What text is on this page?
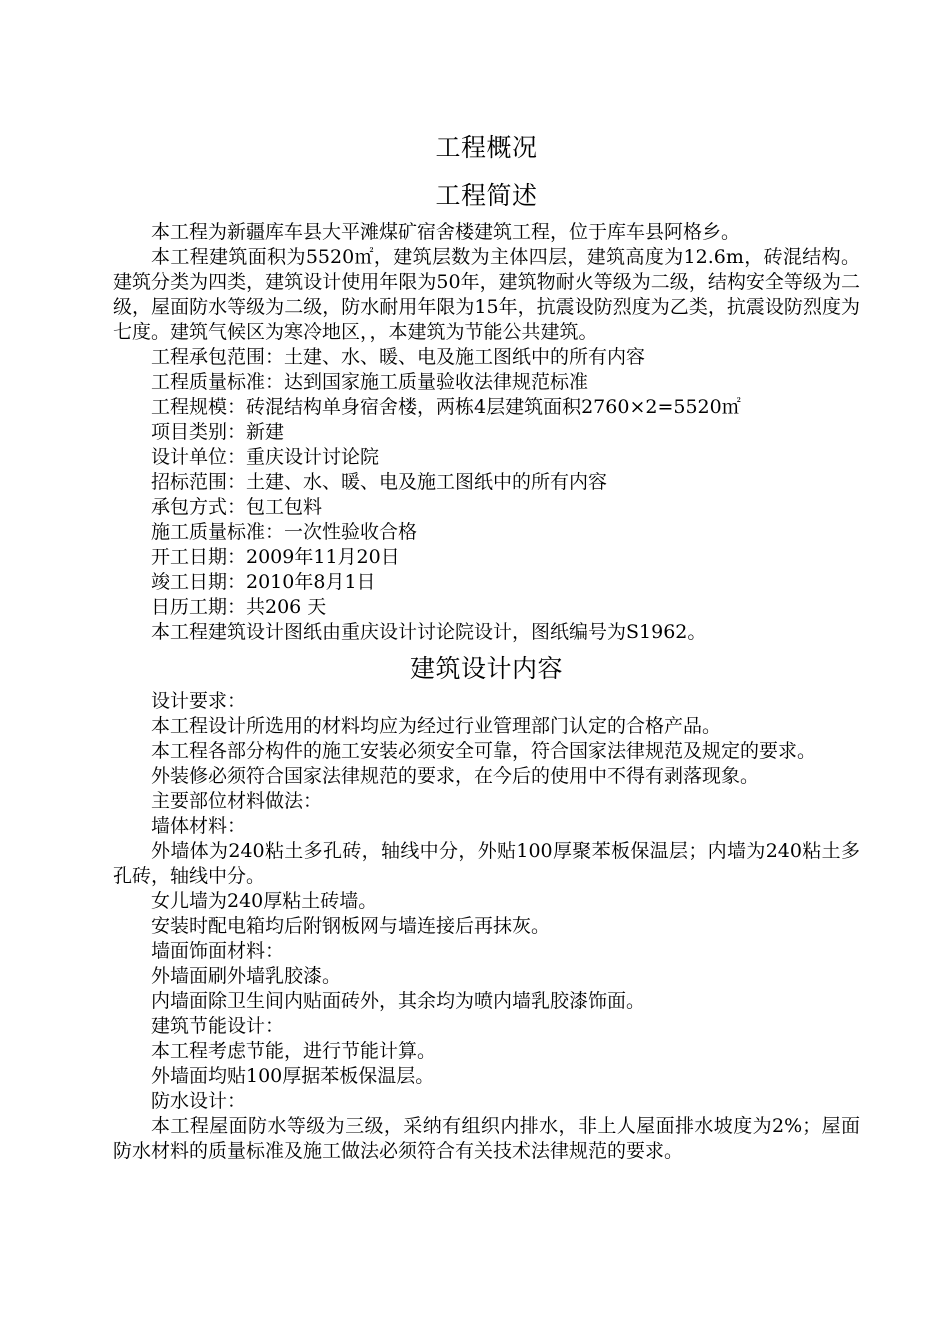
工程概况
工程简述

本工程为新疆库车县大平滩煤矿宿舍楼建筑工程，位于库车县阿格乡。

本工程建筑面积为5520㎡，建筑层数为主体四层，建筑高度为12.6m，砖混结构。建筑分类为四类，建筑设计使用年限为50年，建筑物耐火等级为二级，结构安全等级为二级，屋面防水等级为二级，防水耐用年限为15年，抗震设防烈度为乙类，抗震设防烈度为七度。建筑气候区为寒冷地区，，本建筑为节能公共建筑。

工程承包范围：土建、水、暖、电及施工图纸中的所有内容

工程质量标准：达到国家施工质量验收法律规范标准

工程规模：砖混结构单身宿舍楼，两栋4层建筑面积2760×2=5520㎡

项目类别：新建

设计单位：重庆设计讨论院

招标范围：土建、水、暖、电及施工图纸中的所有内容

承包方式：包工包料

施工质量标准：一次性验收合格

开工日期：2009年11月20日

竣工日期：2010年8月1日

日历工期：共206 天

本工程建筑设计图纸由重庆设计讨论院设计，图纸编号为S1962。

建筑设计内容

设计要求：

本工程设计所选用的材料均应为经过行业管理部门认定的合格产品。

本工程各部分构件的施工安装必须安全可靠，符合国家法律规范及规定的要求。

外装修必须符合国家法律规范的要求，在今后的使用中不得有剥落现象。

主要部位材料做法：

墙体材料：

外墙体为240粘土多孔砖，轴线中分，外贴100厚聚苯板保温层；内墙为240粘土多孔砖，轴线中分。

女儿墙为240厚粘土砖墙。

安装时配电箱均后附钢板网与墙连接后再抹灰。

墙面饰面材料：

外墙面刷外墙乳胶漆。

内墙面除卫生间内贴面砖外，其余均为喷内墙乳胶漆饰面。

建筑节能设计：

本工程考虑节能，进行节能计算。

外墙面均贴100厚据苯板保温层。

防水设计：

本工程屋面防水等级为三级，采纳有组织内排水，非上人屋面排水坡度为2%；屋面防水材料的质量标准及施工做法必须符合有关技术法律规范的要求。
